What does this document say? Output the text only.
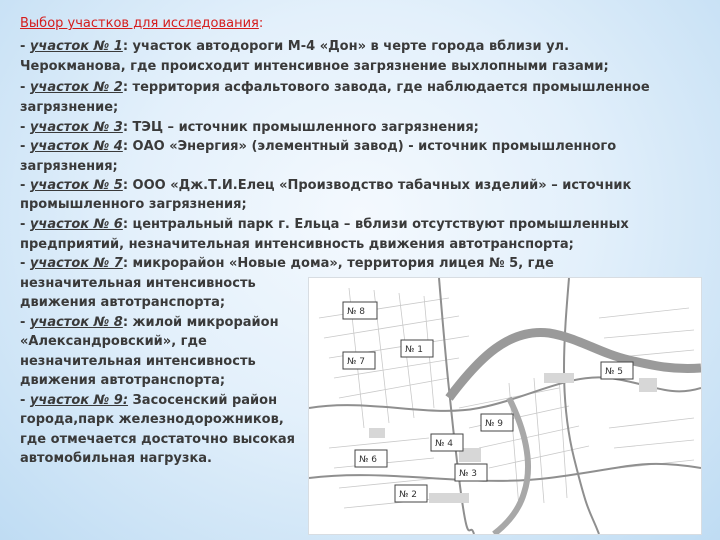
Выбор участков для исследования:

- участок № 1: участок автодороги М-4 «Дон» в черте города вблизи ул.

Черокманова, где происходит интенсивное загрязнение выхлопными газами;

- участок № 2: территория асфальтового завода, где наблюдается промышленное

загрязнение;

- участок № 3: ТЭЦ – источник промышленного загрязнения;

- участок № 4: ОАО «Энергия» (элементный завод) - источник промышленного

загрязнения;

- участок № 5: ООО «Дж.Т.И.Елец «Производство табачных изделий» – источник

промышленного загрязнения;

- участок № 6: центральный парк г. Ельца – вблизи отсутствуют промышленных

предприятий, незначительная интенсивность движения автотранспорта;

- участок № 7: микрорайон «Новые дома», территория лицея № 5, где

незначительная интенсивность

движения автотранспорта;

- участок № 8: жилой микрорайон

«Александровский», где

незначительная интенсивность

движения автотранспорта;

- участок № 9: Засосенский район

города,парк железнодорожников,

где отмечается достаточно высокая

автомобильная нагрузка.

№ 8
№ 7
№ 1
№ 5
№ 9
№ 4
№ 6
№ 3
№ 2
